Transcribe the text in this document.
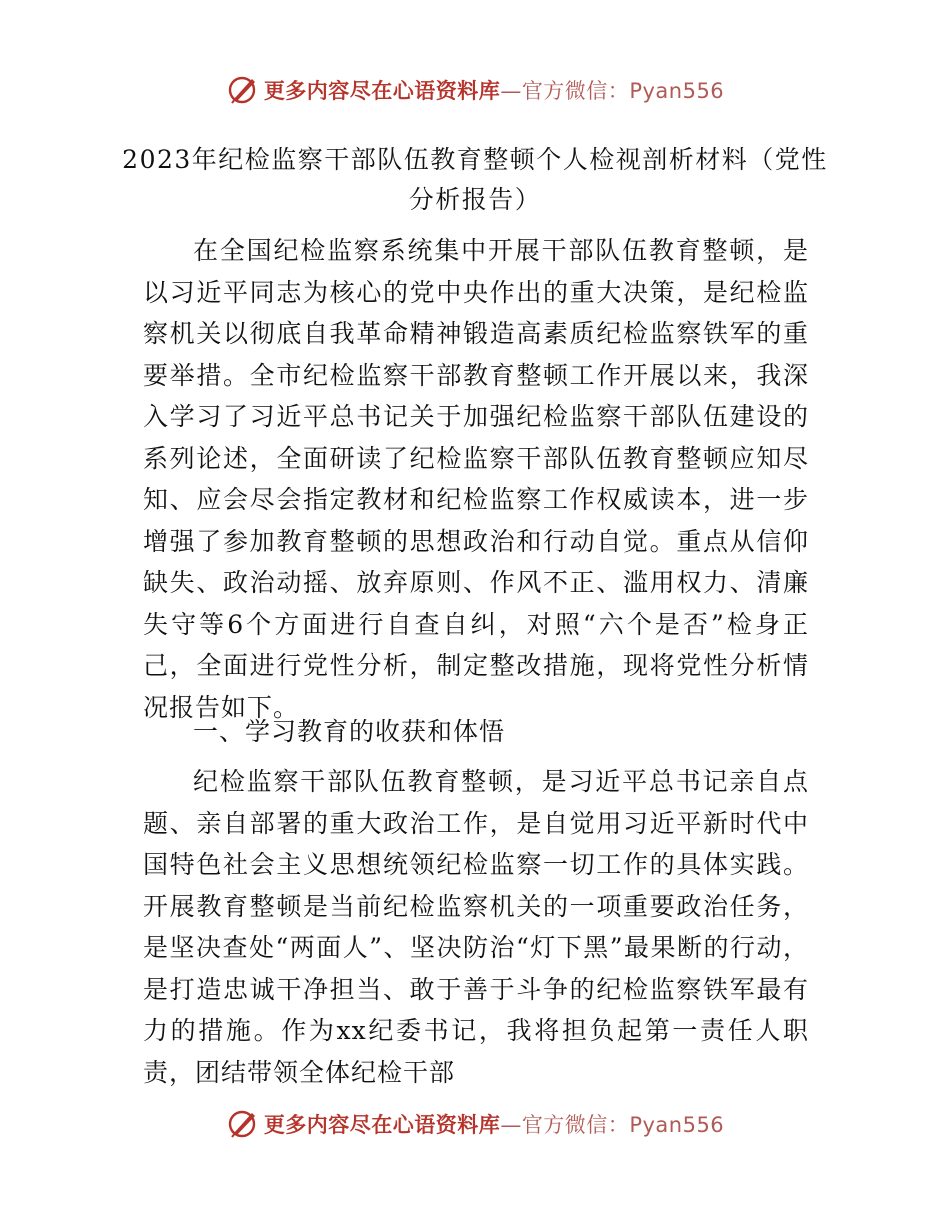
更多内容尽在心语资料库—官方微信：Pyan556
2023年纪检监察干部队伍教育整顿个人检视剖析材料（党性分析报告）

在全国纪检监察系统集中开展干部队伍教育整顿，是以习近平同志为核心的党中央作出的重大决策，是纪检监察机关以彻底自我革命精神锻造高素质纪检监察铁军的重要举措。全市纪检监察干部教育整顿工作开展以来，我深入学习了习近平总书记关于加强纪检监察干部队伍建设的系列论述，全面研读了纪检监察干部队伍教育整顿应知尽知、应会尽会指定教材和纪检监察工作权威读本，进一步增强了参加教育整顿的思想政治和行动自觉。重点从信仰缺失、政治动摇、放弃原则、作风不正、滥用权力、清廉失守等6个方面进行自查自纠，对照“六个是否”检身正己，全面进行党性分析，制定整改措施，现将党性分析情况报告如下。

一、学习教育的收获和体悟

纪检监察干部队伍教育整顿，是习近平总书记亲自点题、亲自部署的重大政治工作，是自觉用习近平新时代中国特色社会主义思想统领纪检监察一切工作的具体实践。开展教育整顿是当前纪检监察机关的一项重要政治任务，是坚决查处“两面人”、坚决防治“灯下黑”最果断的行动，是打造忠诚干净担当、敢于善于斗争的纪检监察铁军最有力的措施。作为xx纪委书记，我将担负起第一责任人职责，团结带领全体纪检干部

更多内容尽在心语资料库—官方微信：Pyan556
